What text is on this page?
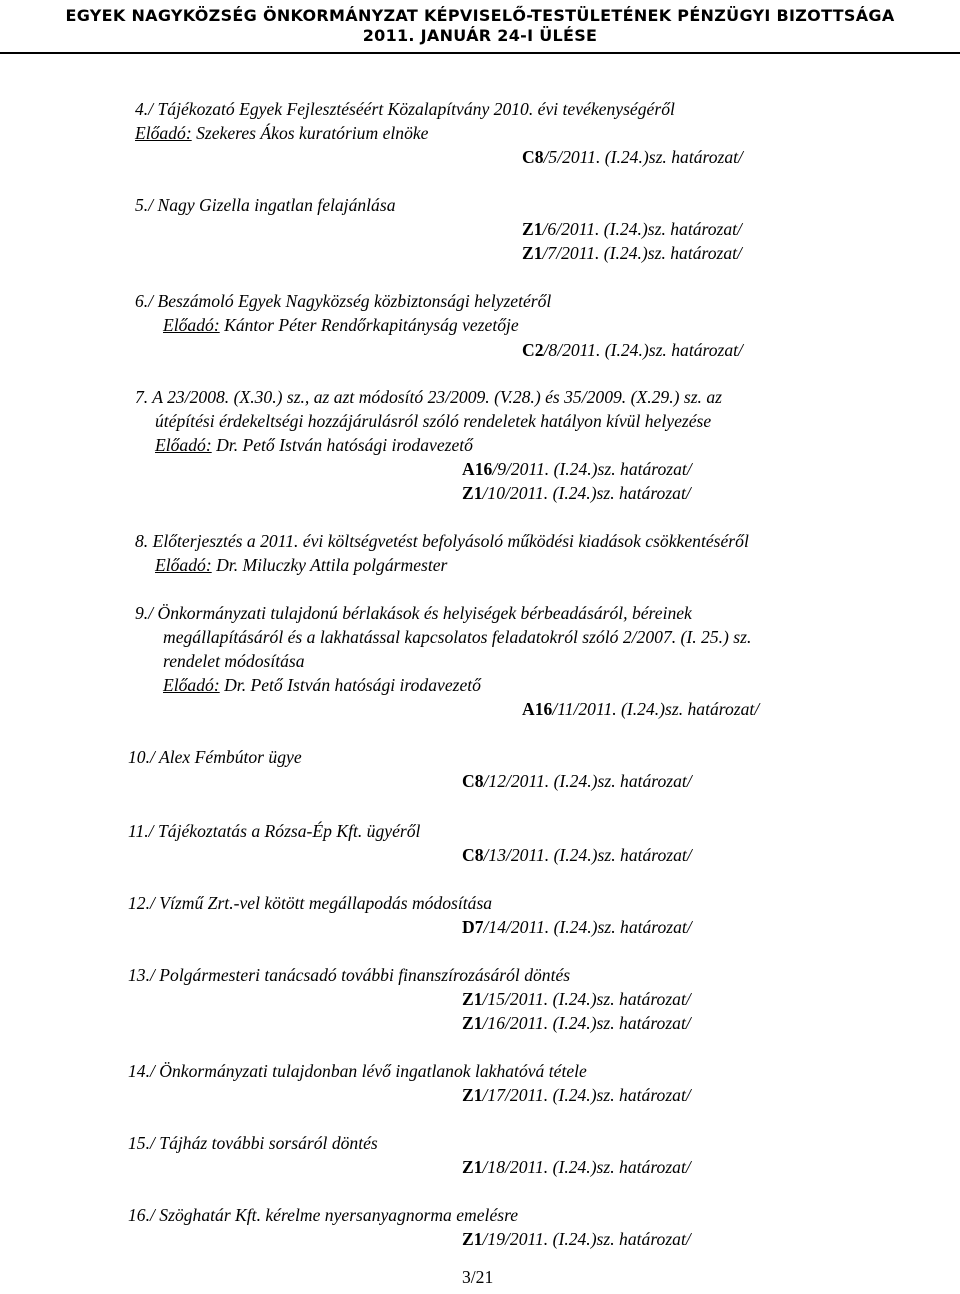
EGYEK NAGYKÖZSÉG ÖNKORMÁNYZAT KÉPVISELŐ-TESTÜLETÉNEK PÉNZÜGYI BIZOTTSÁGA
2011. JANUÁR 24-I ÜLÉSE
4./ Tájékozató Egyek Fejlesztéséért Közalapítvány 2010. évi tevékenységéről
Előadó: Szekeres Ákos kuratórium elnöke
C8/5/2011. (I.24.)sz. határozat/
5./ Nagy Gizella ingatlan felajánlása
Z1/6/2011. (I.24.)sz. határozat/
Z1/7/2011. (I.24.)sz. határozat/
6./ Beszámoló Egyek Nagyközség közbiztonsági helyzetéről
Előadó: Kántor Péter Rendőrkapitányság vezetője
C2/8/2011. (I.24.)sz. határozat/
7. A 23/2008. (X.30.) sz., az azt módosító 23/2009. (V.28.) és 35/2009. (X.29.) sz. az
útépítési érdekeltségi hozzájárulásról szóló rendeletek hatályon kívül helyezése
Előadó: Dr. Pető István hatósági irodavezető
A16/9/2011. (I.24.)sz. határozat/
Z1/10/2011. (I.24.)sz. határozat/
8. Előterjesztés a 2011. évi költségvetést befolyásoló működési kiadások csökkentéséről
Előadó: Dr. Miluczky Attila polgármester
9./ Önkormányzati tulajdonú bérlakások és helyiségek bérbeadásáról, béreinek
megállapításáról és a lakhatással kapcsolatos feladatokról szóló 2/2007. (I. 25.) sz.
rendelet módosítása
Előadó: Dr. Pető István hatósági irodavezető
A16/11/2011. (I.24.)sz. határozat/
10./ Alex Fémbútor ügye
C8/12/2011. (I.24.)sz. határozat/
11./ Tájékoztatás a Rózsa-Ép Kft. ügyéről
C8/13/2011. (I.24.)sz. határozat/
12./ Vízmű Zrt.-vel kötött megállapodás módosítása
D7/14/2011. (I.24.)sz. határozat/
13./ Polgármesteri tanácsadó további finanszírozásáról döntés
Z1/15/2011. (I.24.)sz. határozat/
Z1/16/2011. (I.24.)sz. határozat/
14./ Önkormányzati tulajdonban lévő ingatlanok lakhatóvá tétele
Z1/17/2011. (I.24.)sz. határozat/
15./ Tájház további sorsáról döntés
Z1/18/2011. (I.24.)sz. határozat/
16./ Szöghatár Kft. kérelme nyersanyagnorma emelésre
Z1/19/2011. (I.24.)sz. határozat/
3/21
